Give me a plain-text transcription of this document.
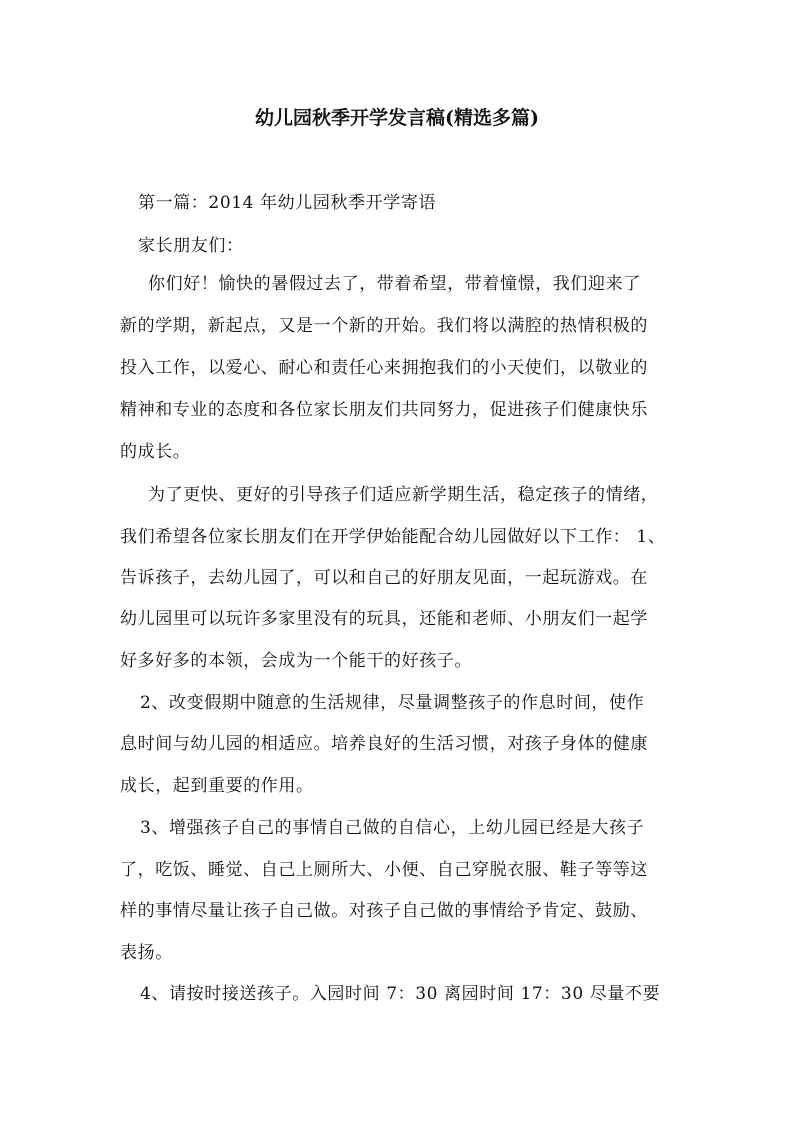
幼儿园秋季开学发言稿(精选多篇)
第一篇：2014 年幼儿园秋季开学寄语
家长朋友们：
你们好！愉快的暑假过去了，带着希望，带着憧憬，我们迎来了
新的学期，新起点，又是一个新的开始。我们将以满腔的热情积极的
投入工作，以爱心、耐心和责任心来拥抱我们的小天使们，以敬业的
精神和专业的态度和各位家长朋友们共同努力，促进孩子们健康快乐
的成长。
为了更快、更好的引导孩子们适应新学期生活，稳定孩子的情绪，
我们希望各位家长朋友们在开学伊始能配合幼儿园做好以下工作： 1、
告诉孩子，去幼儿园了，可以和自己的好朋友见面，一起玩游戏。在
幼儿园里可以玩许多家里没有的玩具，还能和老师、小朋友们一起学
好多好多的本领，会成为一个能干的好孩子。
2、改变假期中随意的生活规律，尽量调整孩子的作息时间，使作
息时间与幼儿园的相适应。培养良好的生活习惯，对孩子身体的健康
成长，起到重要的作用。
3、增强孩子自己的事情自己做的自信心，上幼儿园已经是大孩子
了，吃饭、睡觉、自己上厕所大、小便、自己穿脱衣服、鞋子等等这
样的事情尽量让孩子自己做。对孩子自己做的事情给予肯定、鼓励、
表扬。
4、请按时接送孩子。入园时间 7：30 离园时间 17：30 尽量不要
